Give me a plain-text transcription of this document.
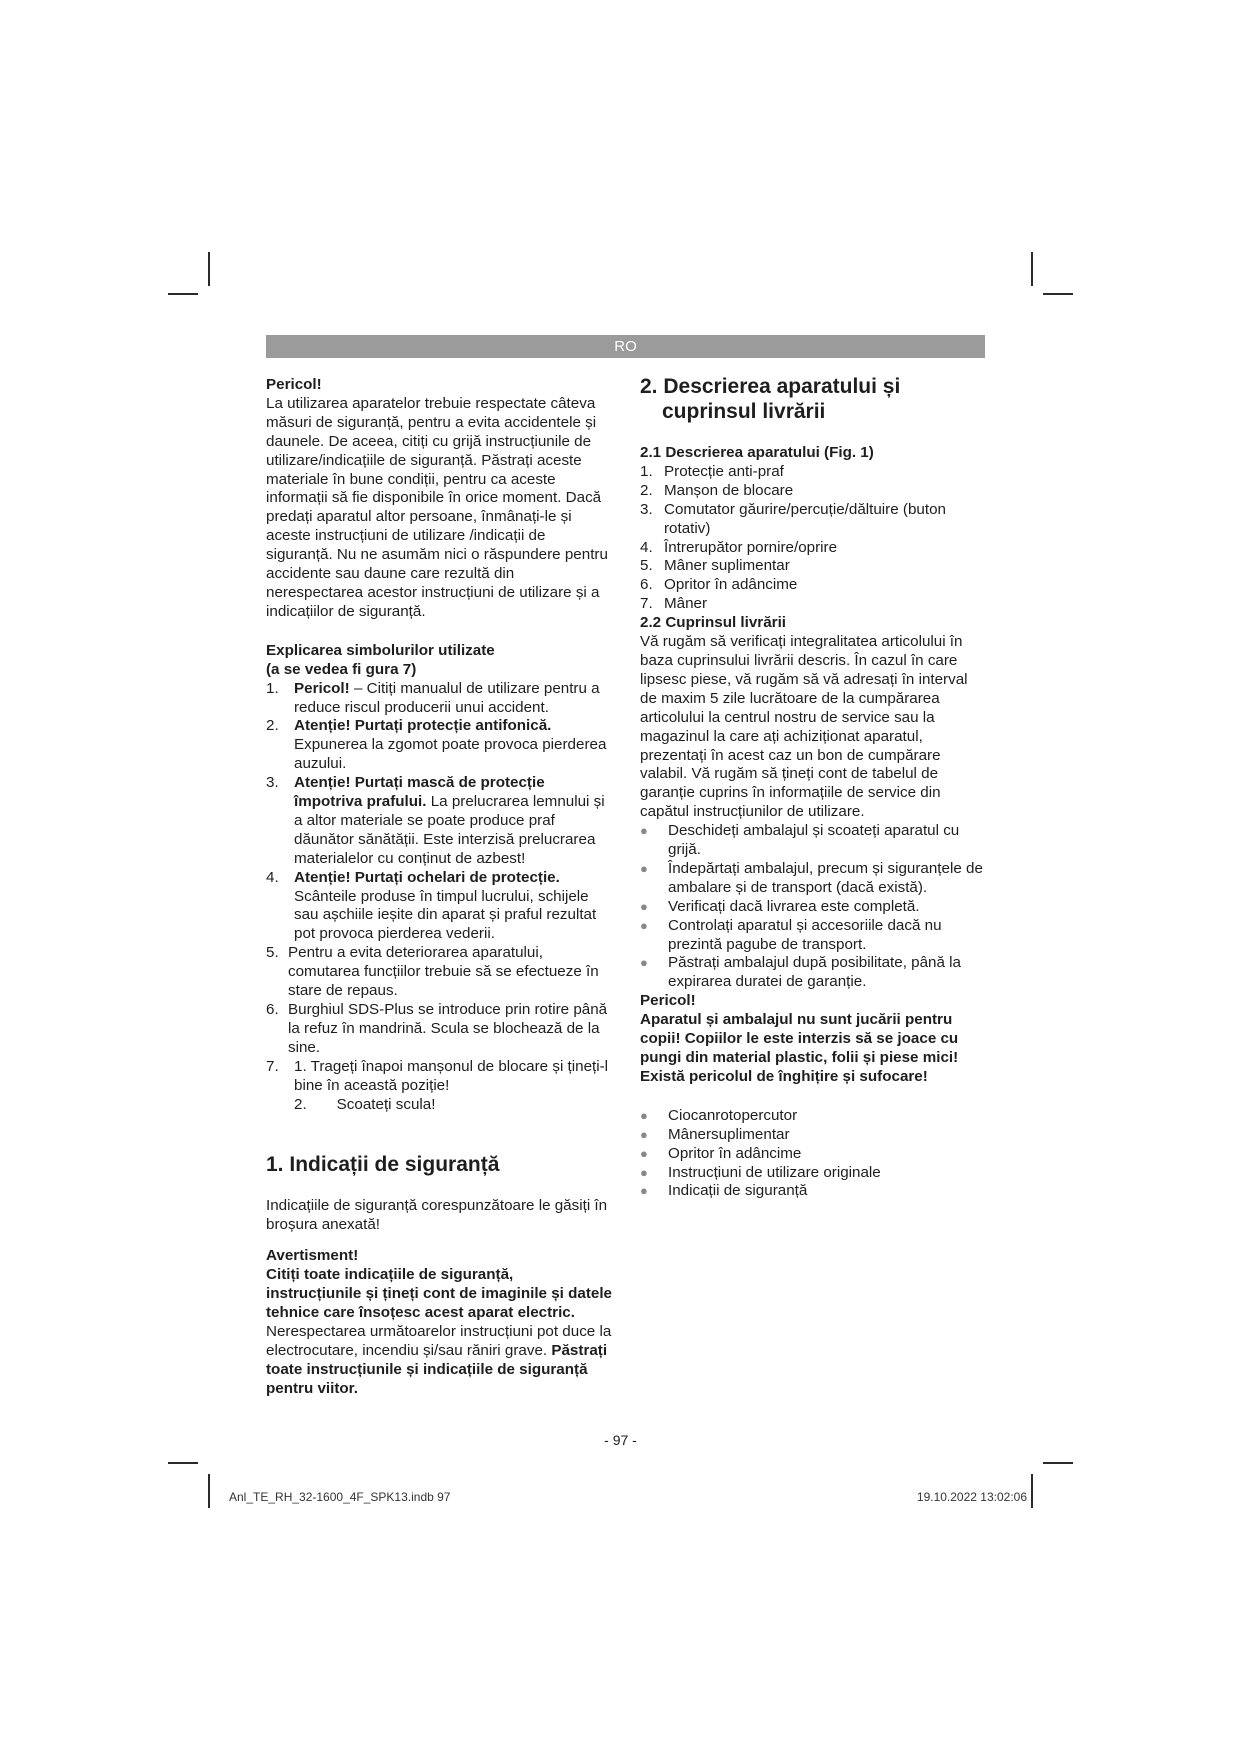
RO

Pericol!

La utilizarea aparatelor trebuie respectate câteva măsuri de siguranță, pentru a evita accidentele și daunele. De aceea, citiți cu grijă instrucțiunile de utilizare/indicațiile de siguranță. Păstrați aceste materiale în bune condiții, pentru ca aceste informații să fie disponibile în orice moment. Dacă predați aparatul altor persoane, înmânați-le și aceste instrucțiuni de utilizare /indicații de siguranță. Nu ne asumăm nici o răspundere pentru accidente sau daune care rezultă din nerespectarea acestor instrucțiuni de utilizare și a indicațiilor de siguranță.

Explicarea simbolurilor utilizate

(a se vedea fi gura 7)

1. Pericol! – Citiți manualul de utilizare pentru a reduce riscul producerii unui accident.
2. Atenție! Purtați protecție antifonică. Expunerea la zgomot poate provoca pierderea auzului.
3. Atenție! Purtați mască de protecție împotriva prafului. La prelucrarea lemnului și a altor materiale se poate produce praf dăunător sănătății. Este interzisă prelucrarea materialelor cu conținut de azbest!
4. Atenție! Purtați ochelari de protecție. Scânteile produse în timpul lucrului, schijele sau așchiile ieșite din aparat și praful rezultat pot provoca pierderea vederii.
5. Pentru a evita deteriorarea aparatului, comutarea funcțiilor trebuie să se efectueze în stare de repaus.
6. Burghiul SDS-Plus se introduce prin rotire până la refuz în mandrină. Scula se blochează de la sine.
7. 1. Trageți înapoi manșonul de blocare și țineți-l bine în această poziție!
2. Scoateți scula!
1. Indicații de siguranță

Indicațiile de siguranță corespunzătoare le găsiți în broșura anexată!

Avertisment!

Citiți toate indicațiile de siguranță, instrucțiunile și țineți cont de imaginile și datele tehnice care însoțesc acest aparat electric. Nerespectarea următoarelor instrucțiuni pot duce la electrocutare, incendiu și/sau răniri grave. Păstrați toate instrucțiunile și indicațiile de siguranță pentru viitor.

2. Descrierea aparatului și cuprinsul livrării

2.1 Descrierea aparatului (Fig. 1)

1. Protecție anti-praf
2. Manșon de blocare
3. Comutator găurire/percuție/dăltuire (buton rotativ)
4. Întrerupător pornire/oprire
5. Mâner suplimentar
6. Opritor în adâncime
7. Mâner

2.2 Cuprinsul livrării

Vă rugăm să verificați integralitatea articolului în baza cuprinsului livrării descris. În cazul în care lipsesc piese, vă rugăm să vă adresați în interval de maxim 5 zile lucrătoare de la cumpărarea articolului la centrul nostru de service sau la magazinul la care ați achiziționat aparatul, prezentați în acest caz un bon de cumpărare valabil. Vă rugăm să țineți cont de tabelul de garanție cuprins în informațiile de service din capătul instrucțiunilor de utilizare.

● Deschideți ambalajul și scoateți aparatul cu grijă.
● Îndepărtați ambalajul, precum și siguranțele de ambalare și de transport (dacă există).
● Verificați dacă livrarea este completă.
● Controlați aparatul și accesoriile dacă nu prezintă pagube de transport.
● Păstrați ambalajul după posibilitate, până la expirarea duratei de garanție.

Pericol!

Aparatul și ambalajul nu sunt jucării pentru copii! Copiilor le este interzis să se joace cu pungi din material plastic, folii și piese mici! Există pericolul de înghițire și sufocare!

● Ciocanrotopercutor
● Mânersuplimentar
● Opritor în adâncime
● Instrucțiuni de utilizare originale
● Indicații de siguranță
- 97 -
Anl_TE_RH_32-1600_4F_SPK13.indb 97	19.10.2022 13:02:06
